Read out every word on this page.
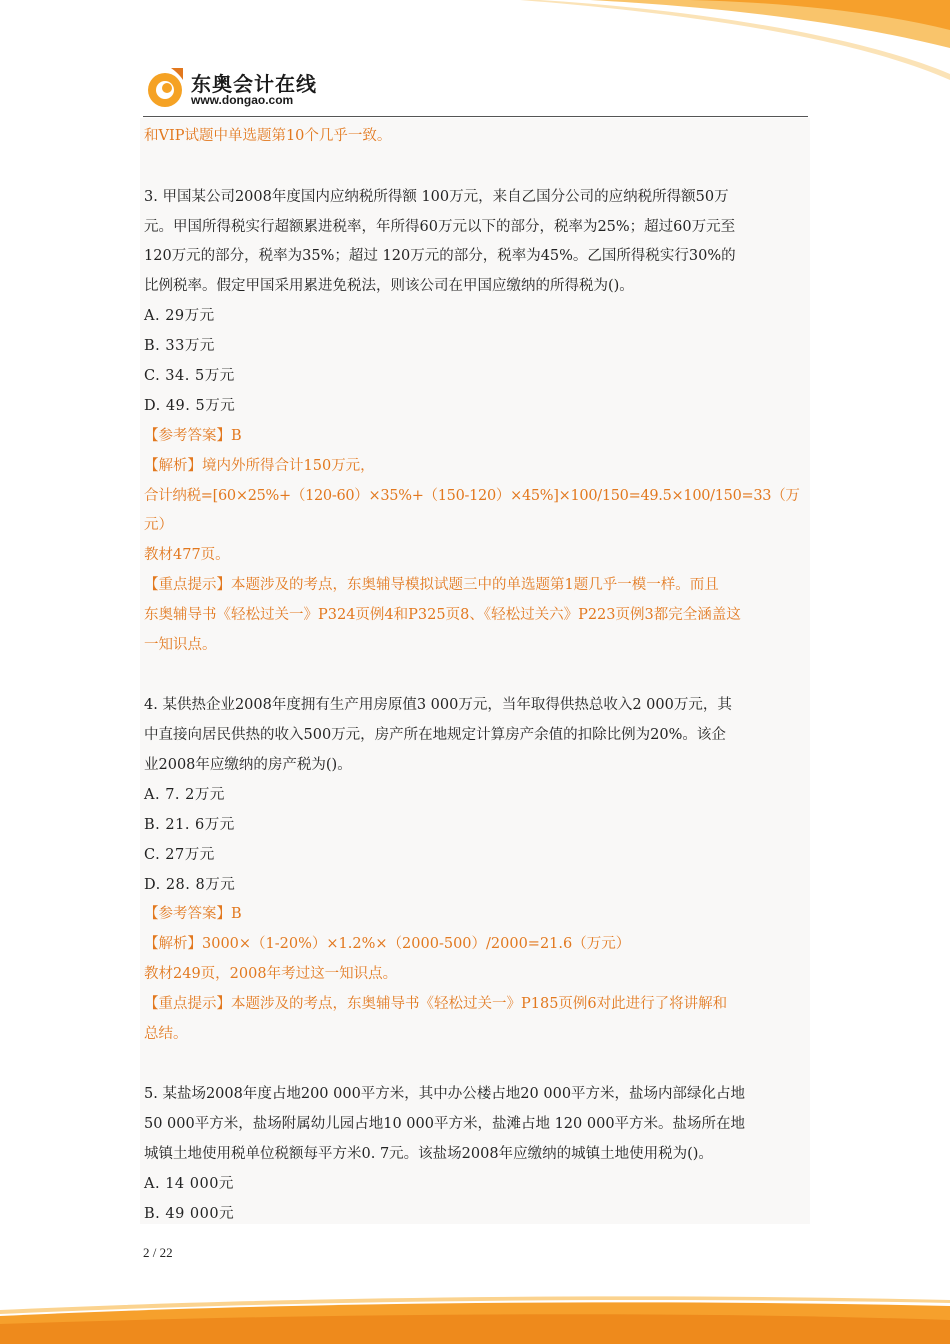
东奥会计在线
www.dongao.com
和VIP试题中单选题第10个几乎一致。
3. 甲国某公司2008年度国内应纳税所得额 100万元，来自乙国分公司的应纳税所得额50万
元。甲国所得税实行超额累进税率，年所得60万元以下的部分，税率为25%；超过60万元至
120万元的部分，税率为35%；超过 120万元的部分，税率为45%。乙国所得税实行30%的
比例税率。假定甲国采用累进免税法，则该公司在甲国应缴纳的所得税为()。
A. 29万元
B. 33万元
C. 34. 5万元
D. 49. 5万元
【参考答案】B
【解析】境内外所得合计150万元，
合计纳税=[60×25%+（120-60）×35%+（150-120）×45%]×100/150=49.5×100/150=33（万
元）
教材477页。
【重点提示】本题涉及的考点，东奥辅导模拟试题三中的单选题第1题几乎一模一样。而且
东奥辅导书《轻松过关一》P324页例4和P325页8、《轻松过关六》P223页例3都完全涵盖这
一知识点。
4. 某供热企业2008年度拥有生产用房原值3 000万元，当年取得供热总收入2 000万元，其
中直接向居民供热的收入500万元，房产所在地规定计算房产余值的扣除比例为20%。该企
业2008年应缴纳的房产税为()。
A. 7. 2万元
B. 21. 6万元
C. 27万元
D. 28. 8万元
【参考答案】B
【解析】3000×（1-20%）×1.2%×（2000-500）/2000=21.6（万元）
教材249页，2008年考过这一知识点。
【重点提示】本题涉及的考点，东奥辅导书《轻松过关一》P185页例6对此进行了将讲解和
总结。
5. 某盐场2008年度占地200 000平方米，其中办公楼占地20 000平方米，盐场内部绿化占地
50 000平方米，盐场附属幼儿园占地10 000平方米，盐滩占地 120 000平方米。盐场所在地
城镇土地使用税单位税额每平方米0. 7元。该盐场2008年应缴纳的城镇土地使用税为()。
A. 14 000元
B. 49 000元
2 / 22
